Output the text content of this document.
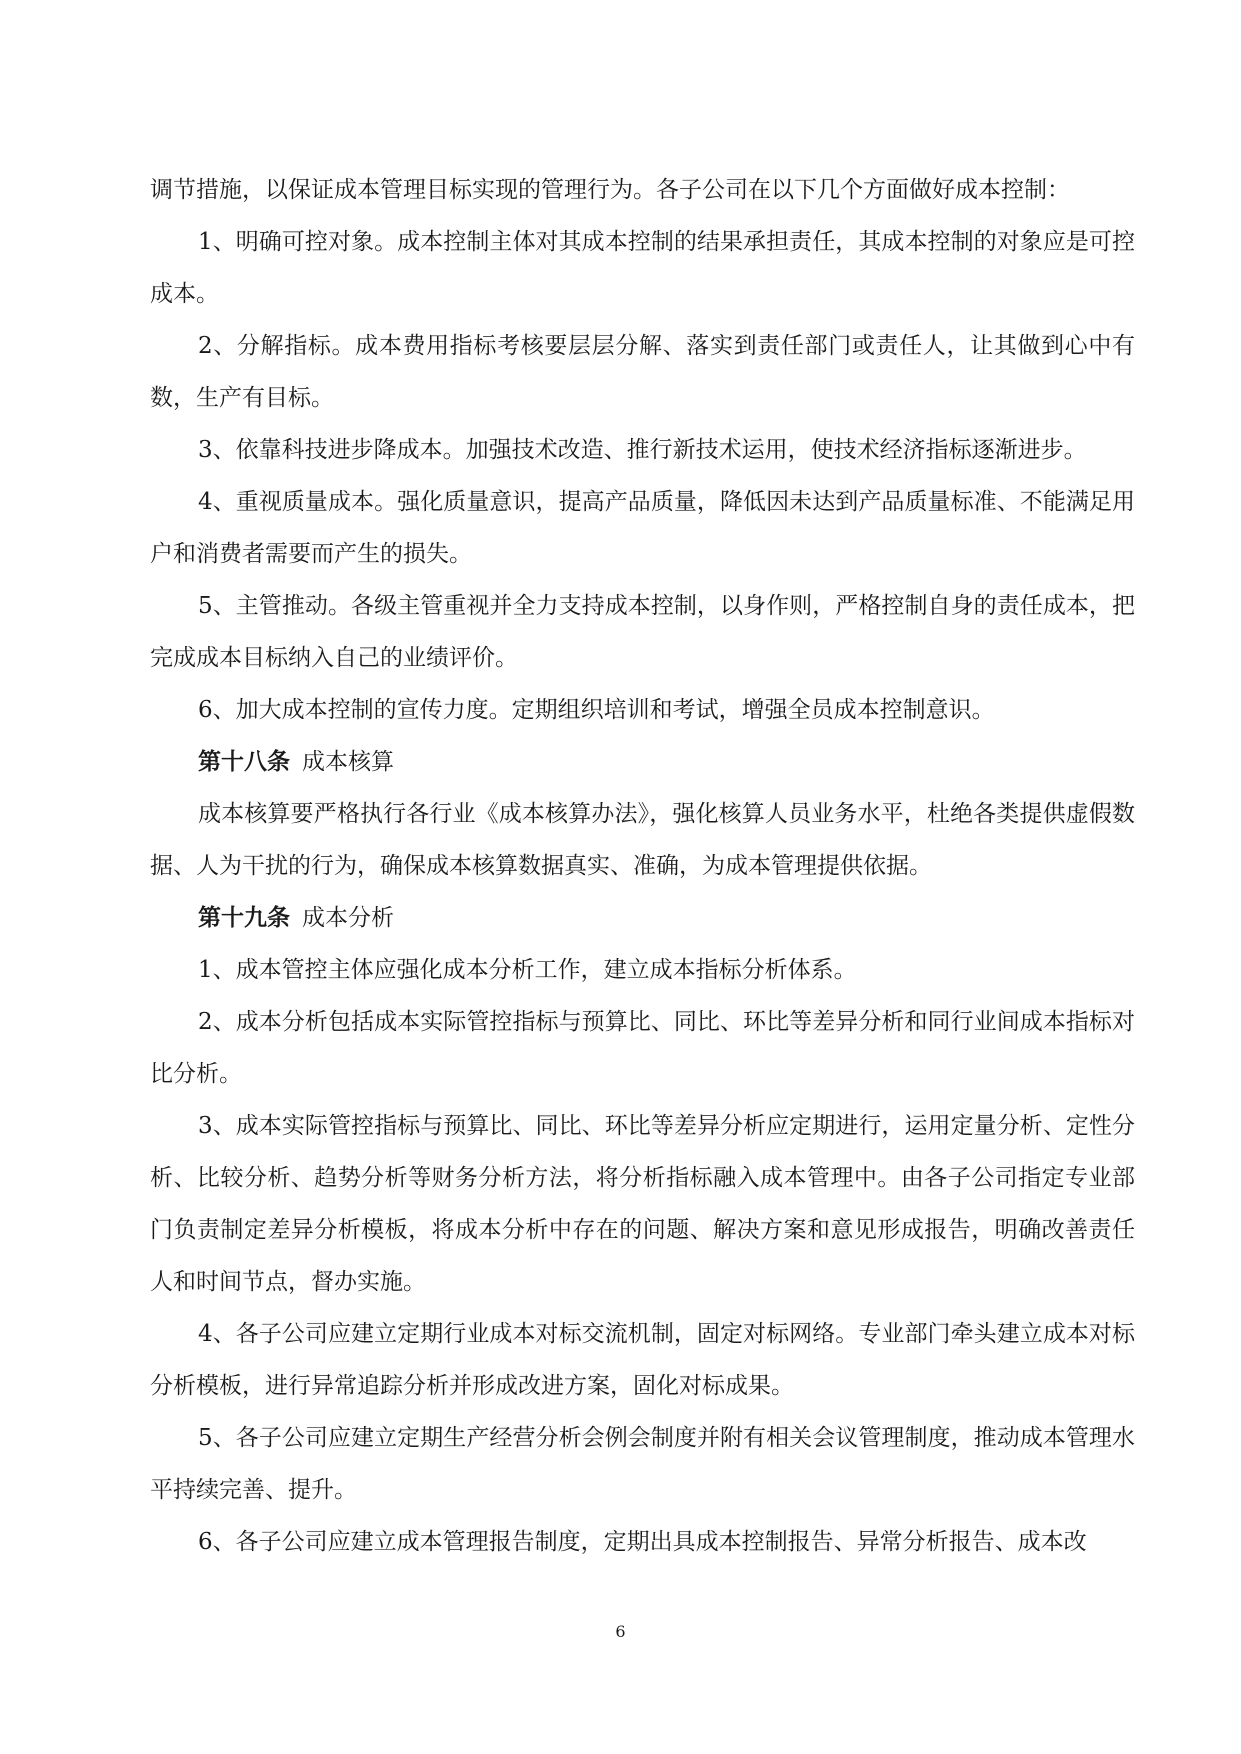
调节措施，以保证成本管理目标实现的管理行为。各子公司在以下几个方面做好成本控制：

1、明确可控对象。成本控制主体对其成本控制的结果承担责任，其成本控制的对象应是可控成本。

2、分解指标。成本费用指标考核要层层分解、落实到责任部门或责任人，让其做到心中有数，生产有目标。

3、依靠科技进步降成本。加强技术改造、推行新技术运用，使技术经济指标逐渐进步。

4、重视质量成本。强化质量意识，提高产品质量，降低因未达到产品质量标准、不能满足用户和消费者需要而产生的损失。

5、主管推动。各级主管重视并全力支持成本控制，以身作则，严格控制自身的责任成本，把完成成本目标纳入自己的业绩评价。

6、加大成本控制的宣传力度。定期组织培训和考试，增强全员成本控制意识。

第十八条 成本核算

成本核算要严格执行各行业《成本核算办法》，强化核算人员业务水平，杜绝各类提供虚假数据、人为干扰的行为，确保成本核算数据真实、准确，为成本管理提供依据。

第十九条 成本分析

1、成本管控主体应强化成本分析工作，建立成本指标分析体系。

2、成本分析包括成本实际管控指标与预算比、同比、环比等差异分析和同行业间成本指标对比分析。

3、成本实际管控指标与预算比、同比、环比等差异分析应定期进行，运用定量分析、定性分析、比较分析、趋势分析等财务分析方法，将分析指标融入成本管理中。由各子公司指定专业部门负责制定差异分析模板，将成本分析中存在的问题、解决方案和意见形成报告，明确改善责任人和时间节点，督办实施。

4、各子公司应建立定期行业成本对标交流机制，固定对标网络。专业部门牵头建立成本对标分析模板，进行异常追踪分析并形成改进方案，固化对标成果。

5、各子公司应建立定期生产经营分析会例会制度并附有相关会议管理制度，推动成本管理水平持续完善、提升。

6、各子公司应建立成本管理报告制度，定期出具成本控制报告、异常分析报告、成本改

6
